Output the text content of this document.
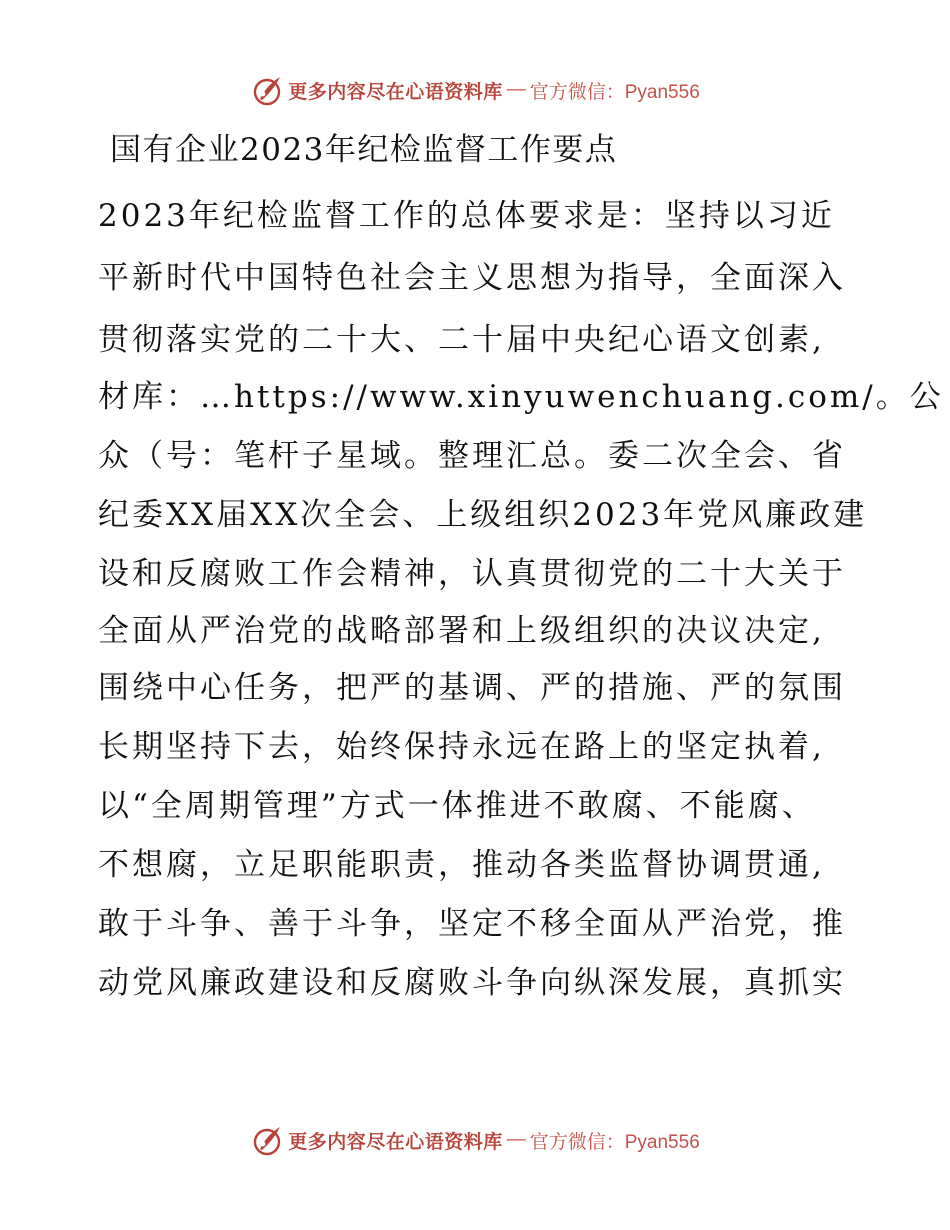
更多内容尽在心语资料库 — 官方微信：Pyan556
国有企业2023年纪检监督工作要点
2023年纪检监督工作的总体要求是：坚持以习近
平新时代中国特色社会主义思想为指导，全面深入
贯彻落实党的二十大、二十届中央纪心语文创素,
材库：…https://www.xinyuwenchuang.com/。公
众（号：笔杆子星域。整理汇总。委二次全会、省
纪委XX届XX次全会、上级组织2023年党风廉政建
设和反腐败工作会精神，认真贯彻党的二十大关于
全面从严治党的战略部署和上级组织的决议决定,
围绕中心任务，把严的基调、严的措施、严的氛围
长期坚持下去，始终保持永远在路上的坚定执着,
以“全周期管理”方式一体推进不敢腐、不能腐、
不想腐，立足职能职责，推动各类监督协调贯通,
敢于斗争、善于斗争，坚定不移全面从严治党，推
动党风廉政建设和反腐败斗争向纵深发展，真抓实
更多内容尽在心语资料库 — 官方微信：Pyan556
